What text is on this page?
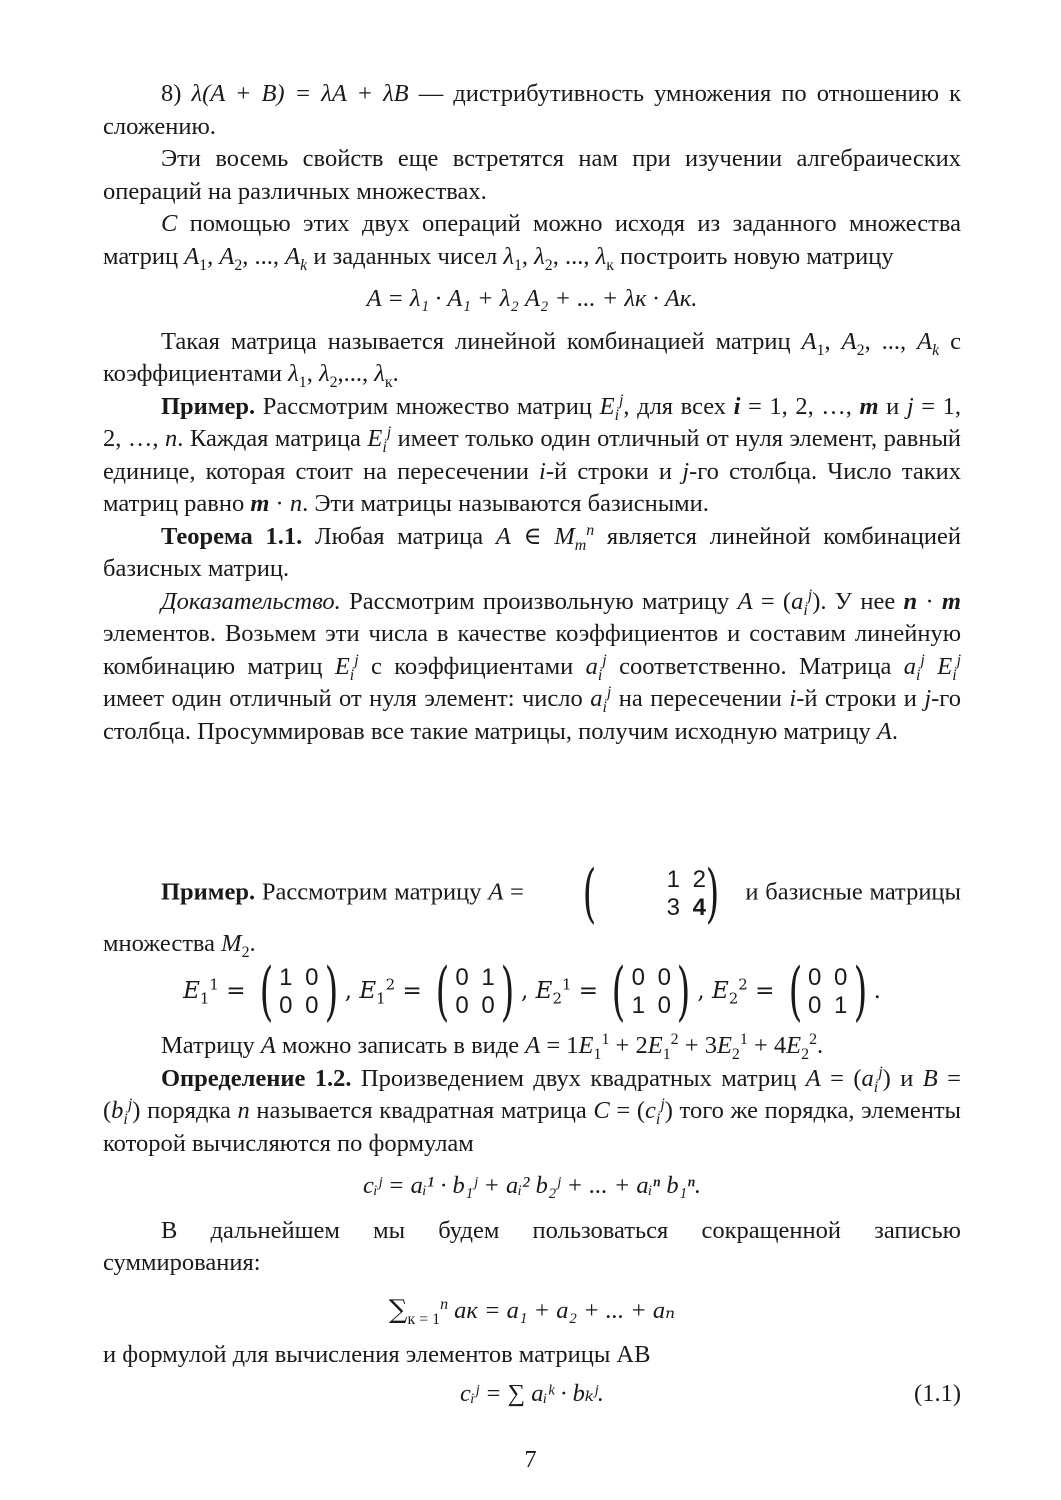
8) λ(A + B) = λA + λB — дистрибутивность умножения по отношению к сложению.

Эти восемь свойств еще встретятся нам при изучении алгебраических операций на различных множествах.

С помощью этих двух операций можно исходя из заданного множества матриц $A_1$, $A_2$, ..., $A_k$ и заданных чисел $\lambda_1$, $\lambda_2$, ..., $\lambda_к$ построить новую матрицу

A = λ₁ · A₁ + λ₂ A₂ + ... + λк · Aк.

Такая матрица называется линейной комбинацией матриц $A_1$, $A_2$, ..., $A_k$ с коэффициентами $\lambda_1$, $\lambda_2$,..., $\lambda_к$.

Пример. Рассмотрим множество матриц $E_i^j$, для всех i = 1, 2, …, m и j = 1, 2, …, n. Каждая матрица $E_i^j$ имеет только один отличный от нуля элемент, равный единице, которая стоит на пересечении i-й строки и j-го столбца. Число таких матриц равно m · n. Эти матрицы называются базисными.

Теорема 1.1. Любая матрица A ∈ $M_m^n$ является линейной комбинацией базисных матриц.

Доказательство. Рассмотрим произвольную матрицу $A = (a_i^j)$. У нее n · m элементов. Возьмем эти числа в качестве коэффициентов и составим линейную комбинацию матриц $E_i^j$ с коэффициентами $a_i^j$ соответственно. Матрица $a_i^j$ $E_i^j$ имеет один отличный от нуля элемент: число $a_i^j$ на пересечении i-й строки и j-го столбца. Просуммировав все такие матрицы, получим исходную матрицу A.

Пример. Рассмотрим матрицу A = (	1 2
3 4 ) и базисные матрицы множества $M_2$.

$E_1^1$ = ( 1 0
0 0 ) , $E_1^2$ = ( 0 1
0 0 ) , $E_2^1$ = ( 0 0
1 0 ) , $E_2^2$ = ( 0 0
0 1 ) .

Матрицу A можно записать в виде $A = 1E_1^1 + 2E_1^2 + 3E_2^1 + 4E_2^2$.

Определение 1.2. Произведением двух квадратных матриц $A = (a_i^j)$ и $B = (b_i^j)$ порядка n называется квадратная матрица $C = (c_i^j)$ того же порядка, элементы которой вычисляются по формулам

cᵢʲ = aᵢ¹ · b₁ʲ + aᵢ² b₂ʲ + ... + aᵢⁿ b₁ⁿ.

В дальнейшем мы будем пользоваться сокращенной записью суммирования:

$\sum_{к = 1}^n$ aк = a₁ + a₂ + ... + aₙ

и формулой для вычисления элементов матрицы AB

cᵢʲ = ∑ aᵢᵏ · bₖʲ.	(1.1)
7
